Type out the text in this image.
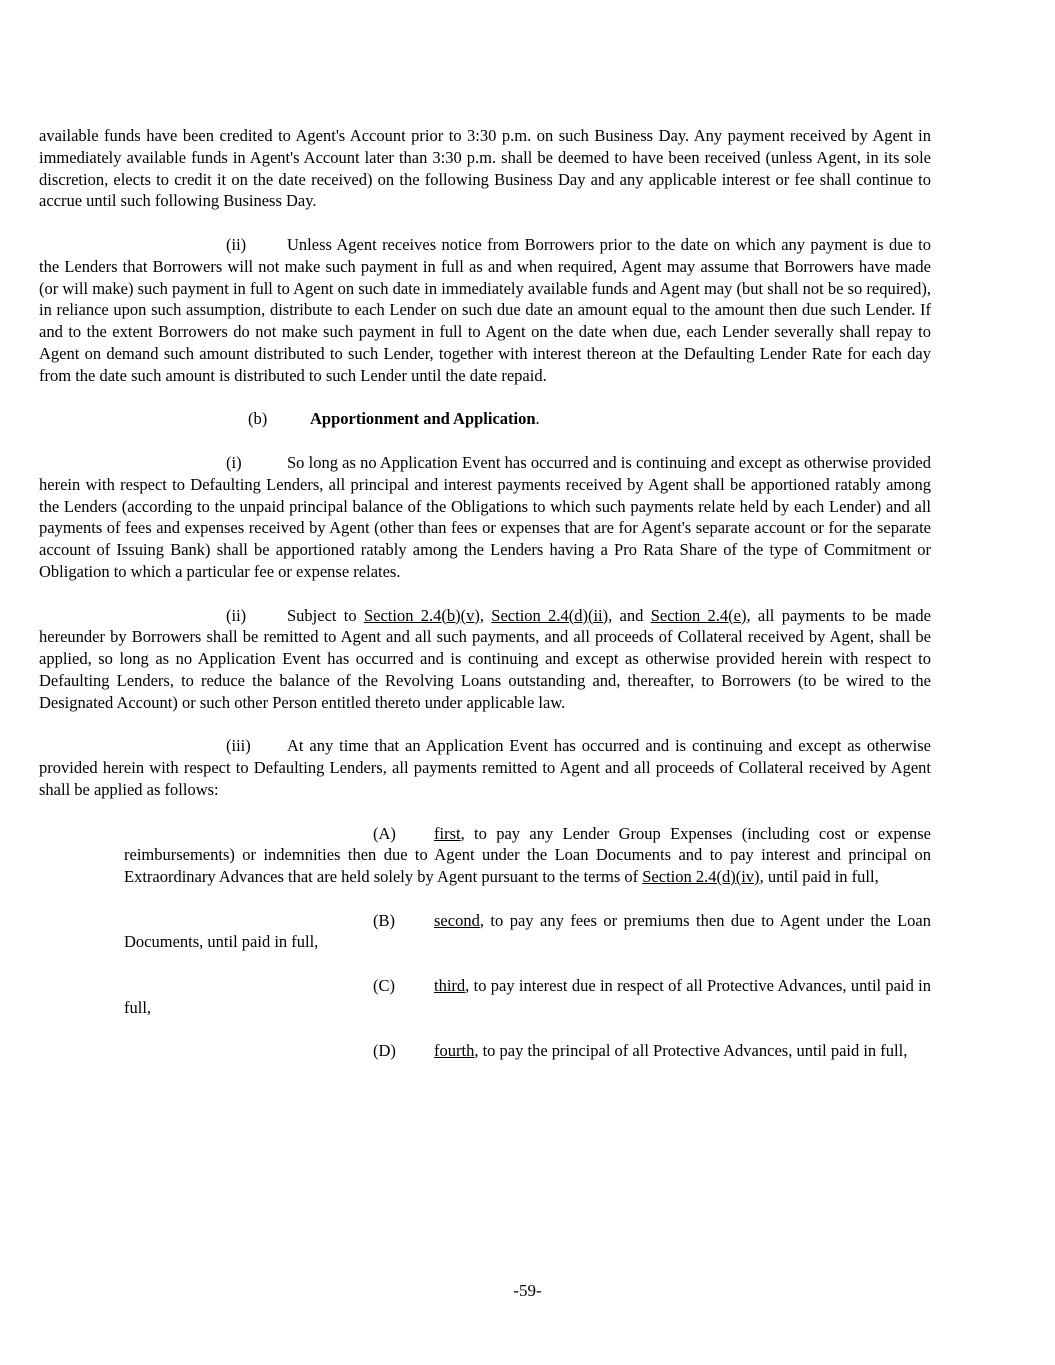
available funds have been credited to Agent's Account prior to 3:30 p.m. on such Business Day. Any payment received by Agent in immediately available funds in Agent's Account later than 3:30 p.m. shall be deemed to have been received (unless Agent, in its sole discretion, elects to credit it on the date received) on the following Business Day and any applicable interest or fee shall continue to accrue until such following Business Day.

(ii) Unless Agent receives notice from Borrowers prior to the date on which any payment is due to the Lenders that Borrowers will not make such payment in full as and when required, Agent may assume that Borrowers have made (or will make) such payment in full to Agent on such date in immediately available funds and Agent may (but shall not be so required), in reliance upon such assumption, distribute to each Lender on such due date an amount equal to the amount then due such Lender. If and to the extent Borrowers do not make such payment in full to Agent on the date when due, each Lender severally shall repay to Agent on demand such amount distributed to such Lender, together with interest thereon at the Defaulting Lender Rate for each day from the date such amount is distributed to such Lender until the date repaid.

(b)	Apportionment and Application.

(i)	So long as no Application Event has occurred and is continuing and except as otherwise provided herein with respect to Defaulting Lenders, all principal and interest payments received by Agent shall be apportioned ratably among the Lenders (according to the unpaid principal balance of the Obligations to which such payments relate held by each Lender) and all payments of fees and expenses received by Agent (other than fees or expenses that are for Agent's separate account or for the separate account of Issuing Bank) shall be apportioned ratably among the Lenders having a Pro Rata Share of the type of Commitment or Obligation to which a particular fee or expense relates.

(ii) Subject to Section 2.4(b)(v), Section 2.4(d)(ii), and Section 2.4(e), all payments to be made hereunder by Borrowers shall be remitted to Agent and all such payments, and all proceeds of Collateral received by Agent, shall be applied, so long as no Application Event has occurred and is continuing and except as otherwise provided herein with respect to Defaulting Lenders, to reduce the balance of the Revolving Loans outstanding and, thereafter, to Borrowers (to be wired to the Designated Account) or such other Person entitled thereto under applicable law.

(iii) At any time that an Application Event has occurred and is continuing and except as otherwise provided herein with respect to Defaulting Lenders, all payments remitted to Agent and all proceeds of Collateral received by Agent shall be applied as follows:

(A) first, to pay any Lender Group Expenses (including cost or expense reimbursements) or indemnities then due to Agent under the Loan Documents and to pay interest and principal on Extraordinary Advances that are held solely by Agent pursuant to the terms of Section 2.4(d)(iv), until paid in full,

(B) second, to pay any fees or premiums then due to Agent under the Loan Documents, until paid in full,

(C) third, to pay interest due in respect of all Protective Advances, until paid in full,

(D) fourth, to pay the principal of all Protective Advances, until paid in full,

-59-
